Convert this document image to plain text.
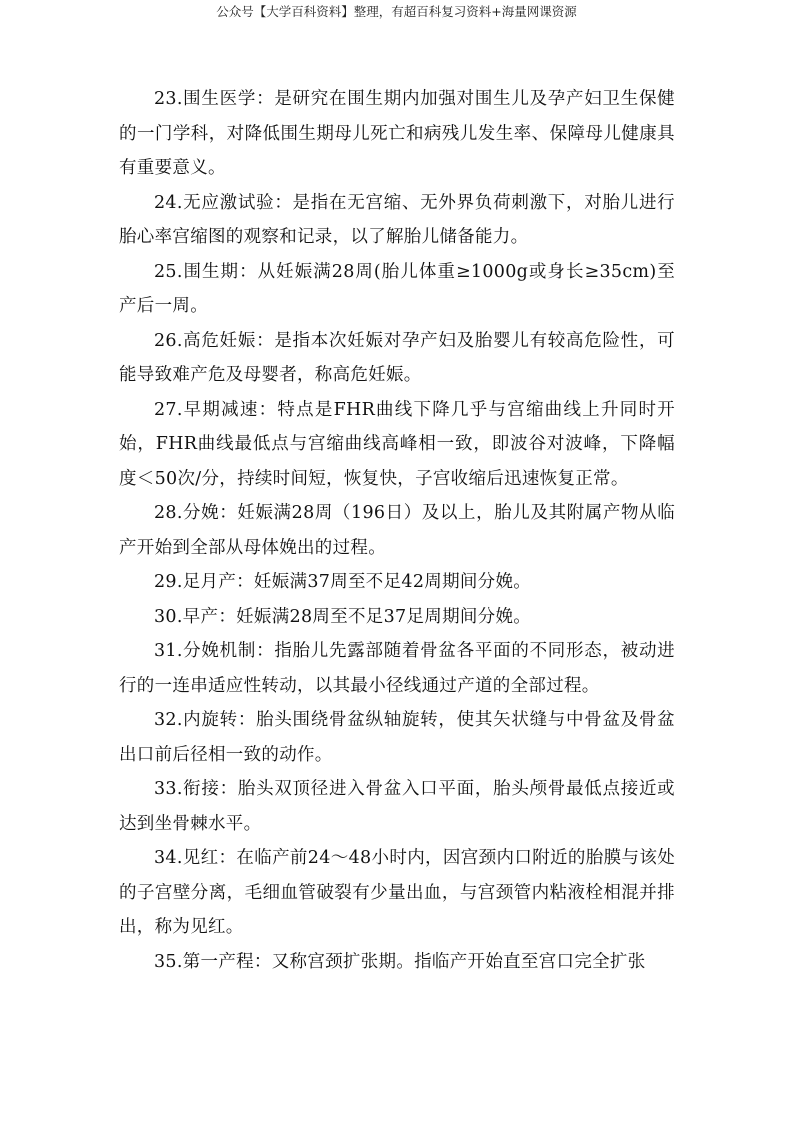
公众号【大学百科资料】整理，有超百科复习资料+海量网课资源

23.围生医学：是研究在围生期内加强对围生儿及孕产妇卫生保健的一门学科，对降低围生期母儿死亡和病残儿发生率、保障母儿健康具有重要意义。

24.无应激试验：是指在无宫缩、无外界负荷刺激下，对胎儿进行胎心率宫缩图的观察和记录，以了解胎儿储备能力。

25.围生期：从妊娠满28周(胎儿体重≥1000g或身长≥35cm)至产后一周。

26.高危妊娠：是指本次妊娠对孕产妇及胎婴儿有较高危险性，可能导致难产危及母婴者，称高危妊娠。

27.早期减速：特点是FHR曲线下降几乎与宫缩曲线上升同时开始，FHR曲线最低点与宫缩曲线高峰相一致，即波谷对波峰，下降幅度＜50次/分，持续时间短，恢复快，子宫收缩后迅速恢复正常。

28.分娩：妊娠满28周（196日）及以上，胎儿及其附属产物从临产开始到全部从母体娩出的过程。

29.足月产：妊娠满37周至不足42周期间分娩。

30.早产：妊娠满28周至不足37足周期间分娩。

31.分娩机制：指胎儿先露部随着骨盆各平面的不同形态，被动进行的一连串适应性转动，以其最小径线通过产道的全部过程。

32.内旋转：胎头围绕骨盆纵轴旋转，使其矢状缝与中骨盆及骨盆出口前后径相一致的动作。

33.衔接：胎头双顶径进入骨盆入口平面，胎头颅骨最低点接近或达到坐骨棘水平。

34.见红：在临产前24～48小时内，因宫颈内口附近的胎膜与该处的子宫壁分离，毛细血管破裂有少量出血，与宫颈管内粘液栓相混并排出，称为见红。

35.第一产程：又称宫颈扩张期。指临产开始直至宫口完全扩张
